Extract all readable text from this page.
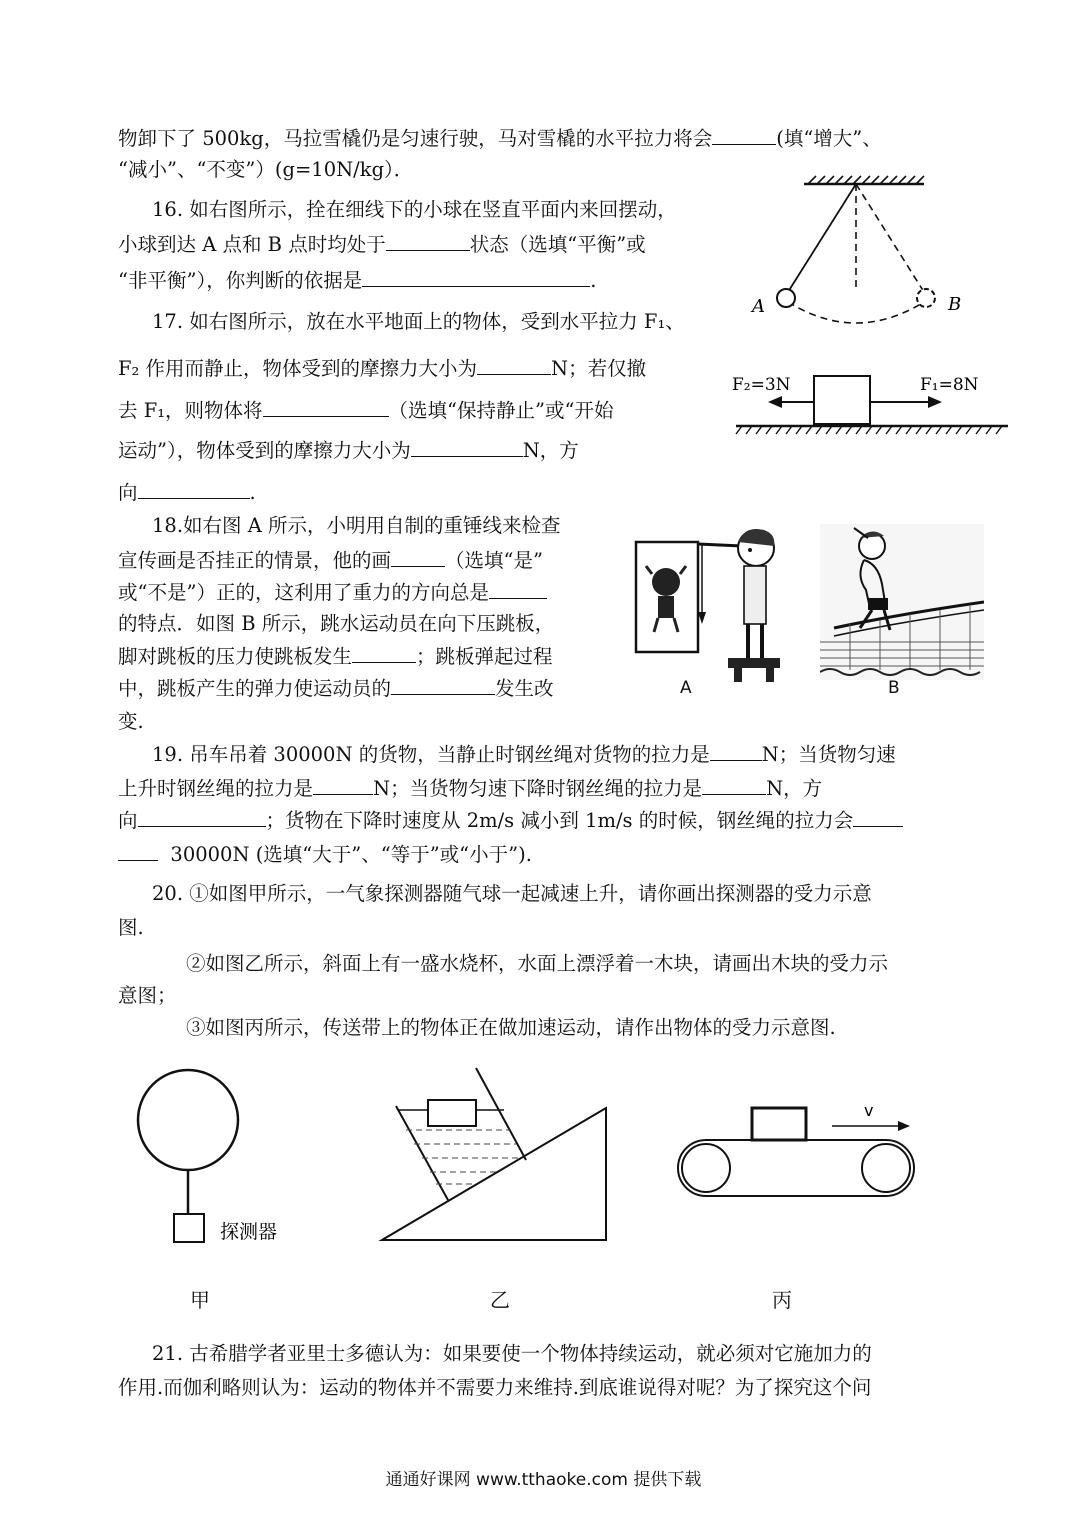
物卸下了 500kg，马拉雪橇仍是匀速行驶，马对雪橇的水平拉力将会	(填“增大”、
“减小”、“不变”）(g=10N/kg）．
16. 如右图所示，拴在细线下的小球在竖直平面内来回摆动，
小球到达 A 点和 B 点时均处于	状态（选填“平衡”或
“非平衡”），你判断的依据是	.
A	B
17. 如右图所示，放在水平地面上的物体，受到水平拉力 F₁、
F₂ 作用而静止，物体受到的摩擦力大小为	N；若仅撤
去 F₁，则物体将	（选填“保持静止”或“开始
运动”），物体受到的摩擦力大小为	N，方
向	.
F₂=3N	F₁=8N
18.如右图 A 所示，小明用自制的重锤线来检查
宣传画是否挂正的情景，他的画	（选填“是”
或“不是”）正的，这利用了重力的方向总是
的特点．如图 B 所示，跳水运动员在向下压跳板，
脚对跳板的压力使跳板发生	；跳板弹起过程
中，跳板产生的弹力使运动员的	发生改
变.
A	B
19. 吊车吊着 30000N 的货物，当静止时钢丝绳对货物的拉力是	N；当货物匀速
上升时钢丝绳的拉力是	N；当货物匀速下降时钢丝绳的拉力是	N，方
向	；货物在下降时速度从 2m/s 减小到 1m/s 的时候，钢丝绳的拉力会
30000N (选填“大于”、“等于”或“小于”).
20. ①如图甲所示，一气象探测器随气球一起减速上升，请你画出探测器的受力示意
图.
②如图乙所示，斜面上有一盛水烧杯，水面上漂浮着一木块，请画出木块的受力示
意图；
③如图丙所示，传送带上的物体正在做加速运动，请作出物体的受力示意图.
探测器
甲	乙
v
丙
21. 古希腊学者亚里士多德认为：如果要使一个物体持续运动，就必须对它施加力的
作用.而伽利略则认为：运动的物体并不需要力来维持.到底谁说得对呢？为了探究这个问
通通好课网 www.tthaoke.com 提供下载
